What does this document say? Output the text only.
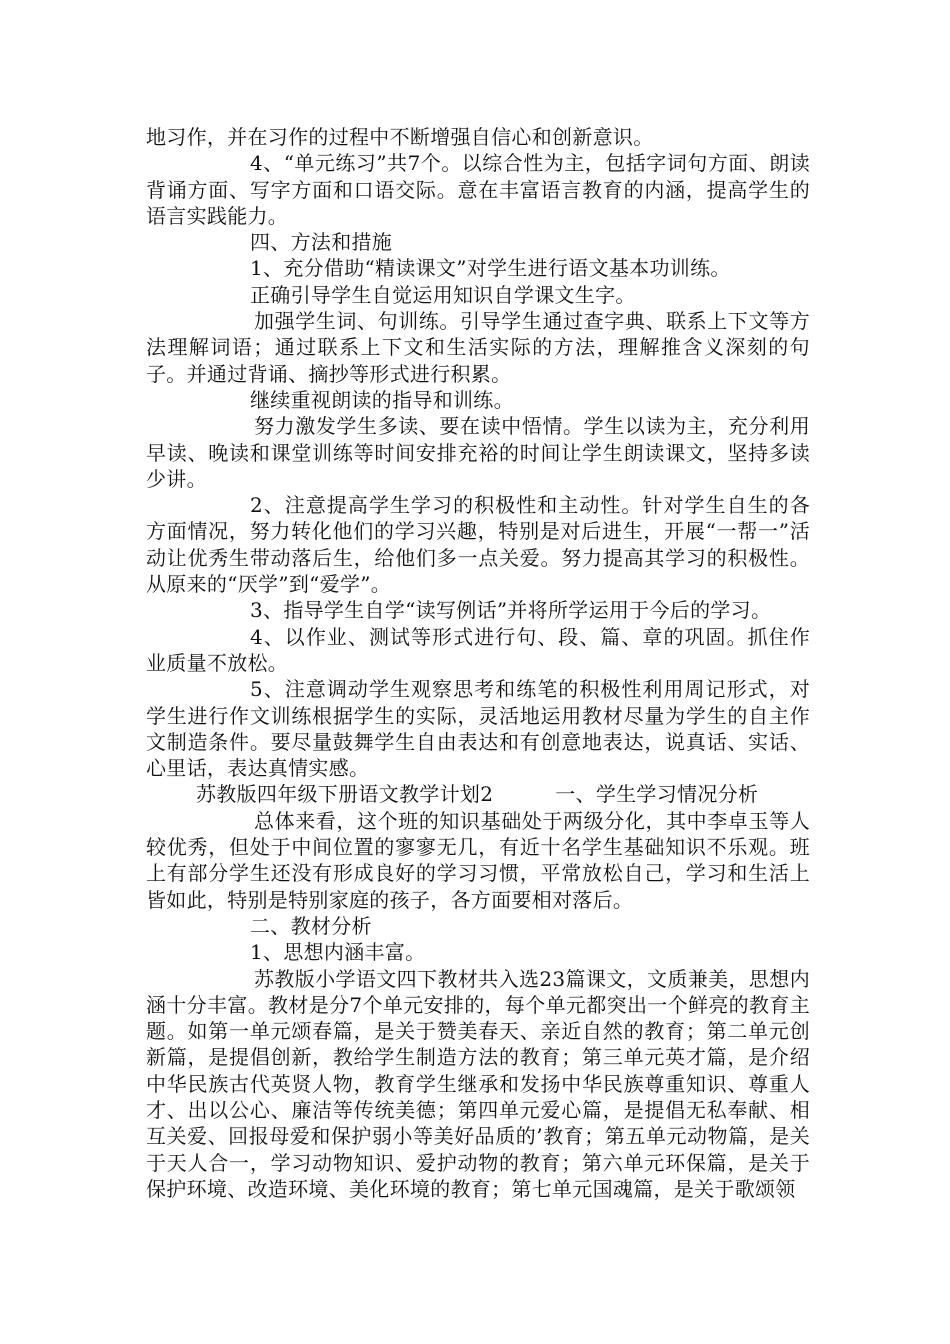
地习作，并在习作的过程中不断增强自信心和创新意识。

4、“单元练习”共7个。以综合性为主，包括字词句方面、朗读背诵方面、写字方面和口语交际。意在丰富语言教育的内涵，提高学生的语言实践能力。

四、方法和措施

1、充分借助“精读课文”对学生进行语文基本功训练。

正确引导学生自觉运用知识自学课文生字。

加强学生词、句训练。引导学生通过查字典、联系上下文等方法理解词语；通过联系上下文和生活实际的方法，理解推含义深刻的句子。并通过背诵、摘抄等形式进行积累。

继续重视朗读的指导和训练。

努力激发学生多读、要在读中悟情。学生以读为主，充分利用早读、晚读和课堂训练等时间安排充裕的时间让学生朗读课文，坚持多读少讲。

2、注意提高学生学习的积极性和主动性。针对学生自生的各方面情况，努力转化他们的学习兴趣，特别是对后进生，开展“一帮一”活动让优秀生带动落后生，给他们多一点关爱。努力提高其学习的积极性。从原来的“厌学”到“爱学”。

3、指导学生自学“读写例话”并将所学运用于今后的学习。

4、以作业、测试等形式进行句、段、篇、章的巩固。抓住作业质量不放松。

5、注意调动学生观察思考和练笔的积极性利用周记形式，对学生进行作文训练根据学生的实际，灵活地运用教材尽量为学生的自主作文制造条件。要尽量鼓舞学生自由表达和有创意地表达，说真话、实话、心里话，表达真情实感。

苏教版四年级下册语文教学计划2	一、学生学习情况分析

总体来看，这个班的知识基础处于两级分化，其中李卓玉等人较优秀，但处于中间位置的寥寥无几，有近十名学生基础知识不乐观。班上有部分学生还没有形成良好的学习习惯，平常放松自己，学习和生活上皆如此，特别是特别家庭的孩子，各方面要相对落后。

二、教材分析

1、思想内涵丰富。

苏教版小学语文四下教材共入选23篇课文，文质兼美，思想内涵十分丰富。教材是分7个单元安排的，每个单元都突出一个鲜亮的教育主题。如第一单元颂春篇，是关于赞美春天、亲近自然的教育；第二单元创新篇，是提倡创新，教给学生制造方法的教育；第三单元英才篇，是介绍中华民族古代英贤人物，教育学生继承和发扬中华民族尊重知识、尊重人才、出以公心、廉洁等传统美德；第四单元爱心篇，是提倡无私奉献、相互关爱、回报母爱和保护弱小等美好品质的’教育；第五单元动物篇，是关于天人合一，学习动物知识、爱护动物的教育；第六单元环保篇，是关于保护环境、改造环境、美化环境的教育；第七单元国魂篇，是关于歌颂领
